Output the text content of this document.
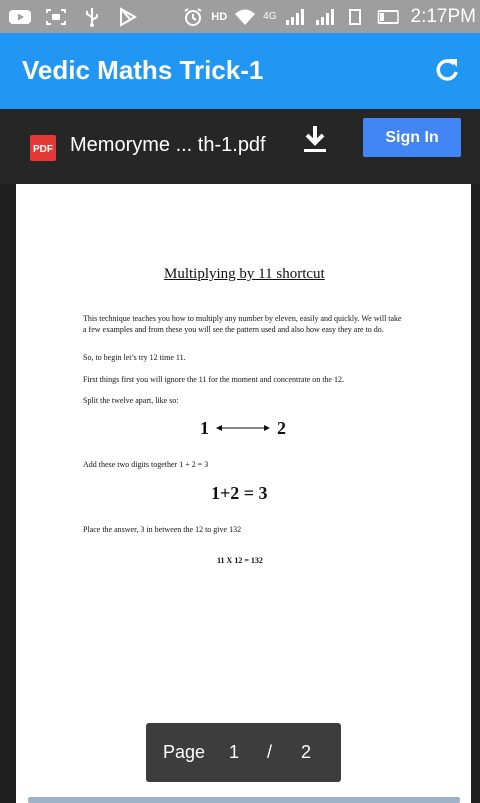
HD	4G	2:17PM
Vedic Maths Trick-1
PDF Memoryme ... th-1.pdf	Sign In
Multiplying by 11 shortcut
This technique teaches you how to multiply any number by eleven, easily and quickly. We will take a few examples and from these you will see the pattern used and also how easy they are to do.
So, to begin let’s try 12 time 11.
First things first you will ignore the 11 for the moment and concentrate on the 12.
Split the twelve apart, like so:
1	2
Add these two digits together 1 + 2 = 3
1+2 = 3
Place the answer, 3 in between the 12 to give 132
11 X 12 = 132
Page 1 / 2
